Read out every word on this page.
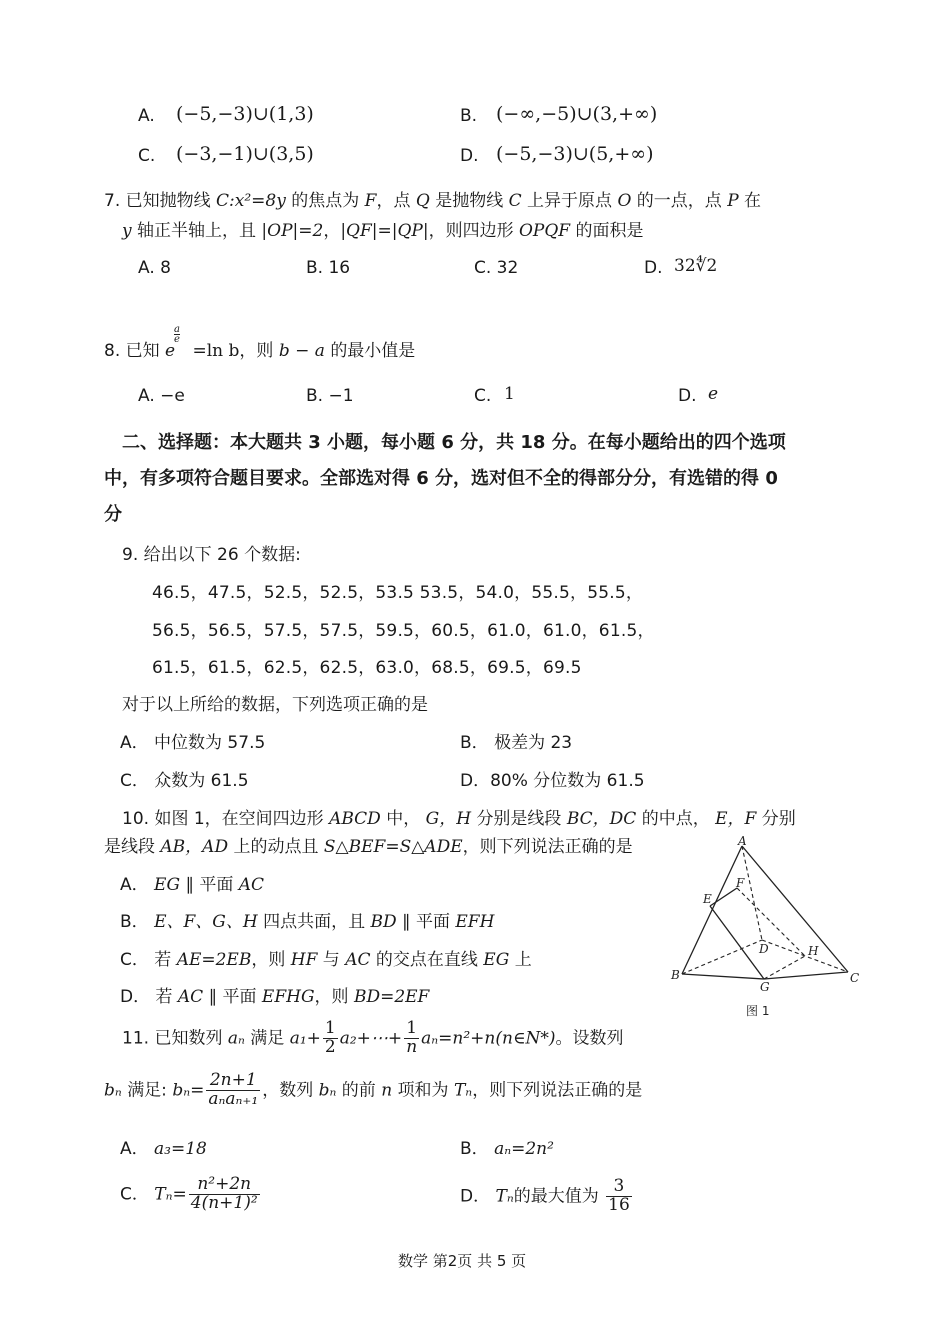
A. (−5,−3)∪(1,3)	B. (−∞,−5)∪(3,+∞)
C. (−3,−1)∪(3,5)	D. (−5,−3)∪(5,+∞)
7. 已知抛物线 C:x²=8y 的焦点为 F，点 Q 是抛物线 C 上异于原点 O 的一点，点 P 在
y 轴正半轴上，且 |OP|=2，|QF|=|QP|，则四边形 OPQF 的面积是
A. 8	B. 16	C. 32	D. 32∜2
8. 已知 e
a
e
=ln b，则 b − a 的最小值是
A. −e	B. −1	C. 1	D. e
二、选择题：本大题共 3 小题，每小题 6 分，共 18 分。在每小题给出的四个选项
中，有多项符合题目要求。全部选对得 6 分，选对但不全的得部分分，有选错的得 0
分
9. 给出以下 26 个数据:
46.5，47.5，52.5，52.5，53.5 53.5，54.0，55.5，55.5，
56.5，56.5，57.5，57.5，59.5，60.5，61.0，61.0，61.5，
61.5，61.5，62.5，62.5，63.0，68.5，69.5，69.5
对于以上所给的数据，下列选项正确的是
A． 中位数为 57.5	B． 极差为 23
C． 众数为 61.5	D．80% 分位数为 61.5
10. 如图 1，在空间四边形 ABCD 中， G，H 分别是线段 BC，DC 的中点， E，F 分别
是线段 AB，AD 上的动点且 S△BEF=S△ADE，则下列说法正确的是
A． EG ∥ 平面 AC
B． E、F、G、H 四点共面，且 BD ∥ 平面 EFH
C． 若 AE=2EB，则 HF 与 AC 的交点在直线 EG 上
D． 若 AC ∥ 平面 EFHG，则 BD=2EF
A
B	C
D
E
F
G
H
图 1
11. 已知数列 aₙ 满足 $a_1+ \frac{1}{2}$ a₂+⋯+ $\frac{1}{n}$ aₙ=n²+n(n∈N*)。设数列
bₙ 满足: $b_n= \frac{2n+1}{\text{aₙaₙ₊₁}}$ ，数列 bₙ 的前 n 项和为 Tₙ，则下列说法正确的是
A． a₃=18	B． aₙ=2n²
C． $T_n= \frac{\text{n²+2n}}{\text{4(n+1)²}}$	D． Tₙ的最大值为 $\frac{3}{16}$
数学 第2页 共 5 页
